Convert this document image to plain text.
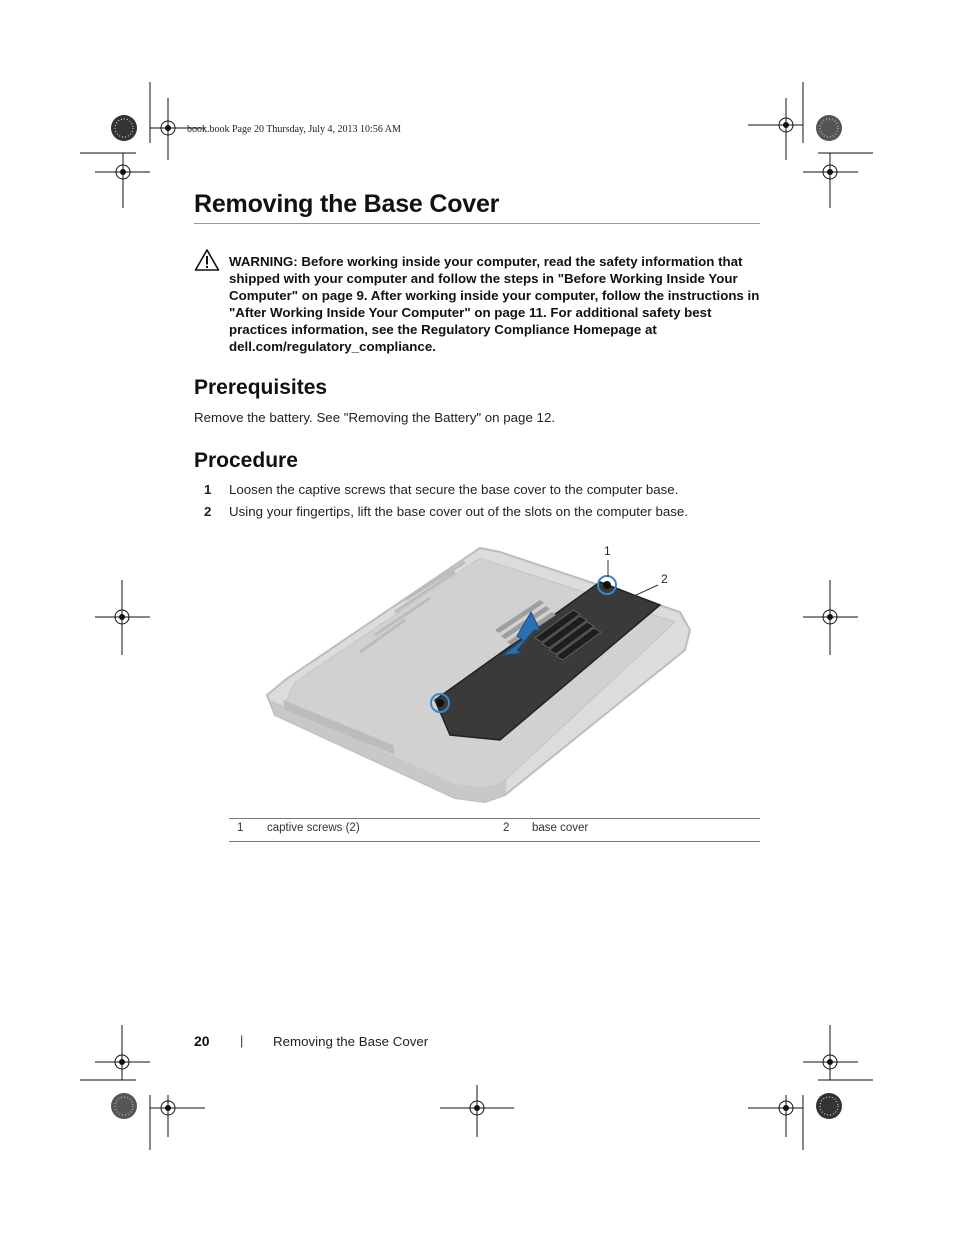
book.book Page 20 Thursday, July 4, 2013 10:56 AM
Removing the Base Cover
WARNING: Before working inside your computer, read the safety information that shipped with your computer and follow the steps in "Before Working Inside Your Computer" on page 9. After working inside your computer, follow the instructions in "After Working Inside Your Computer" on page 11. For additional safety best practices information, see the Regulatory Compliance Homepage at dell.com/regulatory_compliance.
Prerequisites
Remove the battery. See "Removing the Battery" on page 12.
Procedure
1 Loosen the captive screws that secure the base cover to the computer base.
2 Using your fingertips, lift the base cover out of the slots on the computer base.
1
2
1 captive screws (2)	2 base cover
20 | Removing the Base Cover
